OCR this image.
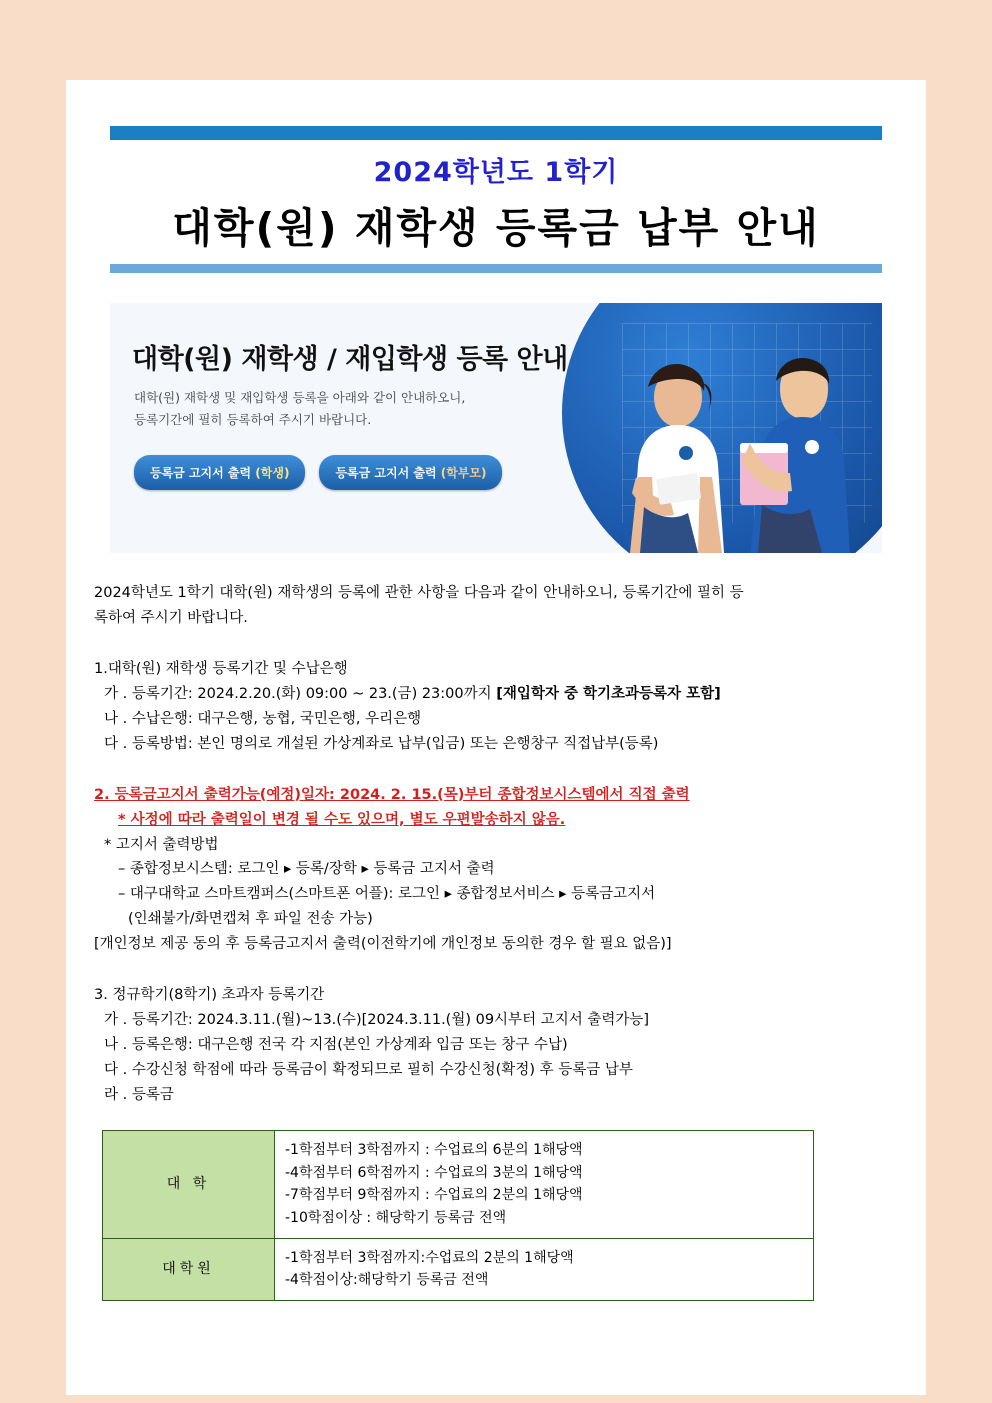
2024학년도 1학기
대학(원) 재학생 등록금 납부 안내
대학(원) 재학생 / 재입학생 등록 안내
대학(원) 재학생 및 재입학생 등록을 아래와 같이 안내하오니,
등록기간에 필히 등록하여 주시기 바랍니다.
등록금 고지서 출력 (학생)	등록금 고지서 출력 (학부모)
2024학년도 1학기 대학(원) 재학생의 등록에 관한 사항을 다음과 같이 안내하오니, 등록기간에 필히 등
록하여 주시기 바랍니다.
1.대학(원) 재학생 등록기간 및 수납은행
가 . 등록기간: 2024.2.20.(화) 09:00 ~ 23.(금) 23:00까지 [재입학자 중 학기초과등록자 포함]
나 . 수납은행: 대구은행, 농협, 국민은행, 우리은행
다 . 등록방법: 본인 명의로 개설된 가상계좌로 납부(입금) 또는 은행창구 직접납부(등록)
2. 등록금고지서 출력가능(예정)일자: 2024. 2. 15.(목)부터 종합정보시스템에서 직접 출력
* 사정에 따라 출력일이 변경 될 수도 있으며, 별도 우편발송하지 않음.
* 고지서 출력방법
– 종합정보시스템: 로그인 ▸ 등록/장학 ▸ 등록금 고지서 출력
– 대구대학교 스마트캠퍼스(스마트폰 어플): 로그인 ▸ 종합정보서비스 ▸ 등록금고지서
(인쇄불가/화면캡쳐 후 파일 전송 가능)
[개인정보 제공 동의 후 등록금고지서 출력(이전학기에 개인정보 동의한 경우 할 필요 없음)]
3. 정규학기(8학기) 초과자 등록기간
가 . 등록기간: 2024.3.11.(월)~13.(수)[2024.3.11.(월) 09시부터 고지서 출력가능]
나 . 등록은행: 대구은행 전국 각 지점(본인 가상계좌 입금 또는 창구 수납)
다 . 수강신청 학점에 따라 등록금이 확정되므로 필히 수강신청(확정) 후 등록금 납부
라 . 등록금
대 학	-1학점부터 3학점까지 : 수업료의 6분의 1해당액
-4학점부터 6학점까지 : 수업료의 3분의 1해당액
-7학점부터 9학점까지 : 수업료의 2분의 1해당액
-10학점이상 : 해당학기 등록금 전액

대학원	-1학점부터 3학점까지:수업료의 2분의 1해당액
-4학점이상:해당학기 등록금 전액
